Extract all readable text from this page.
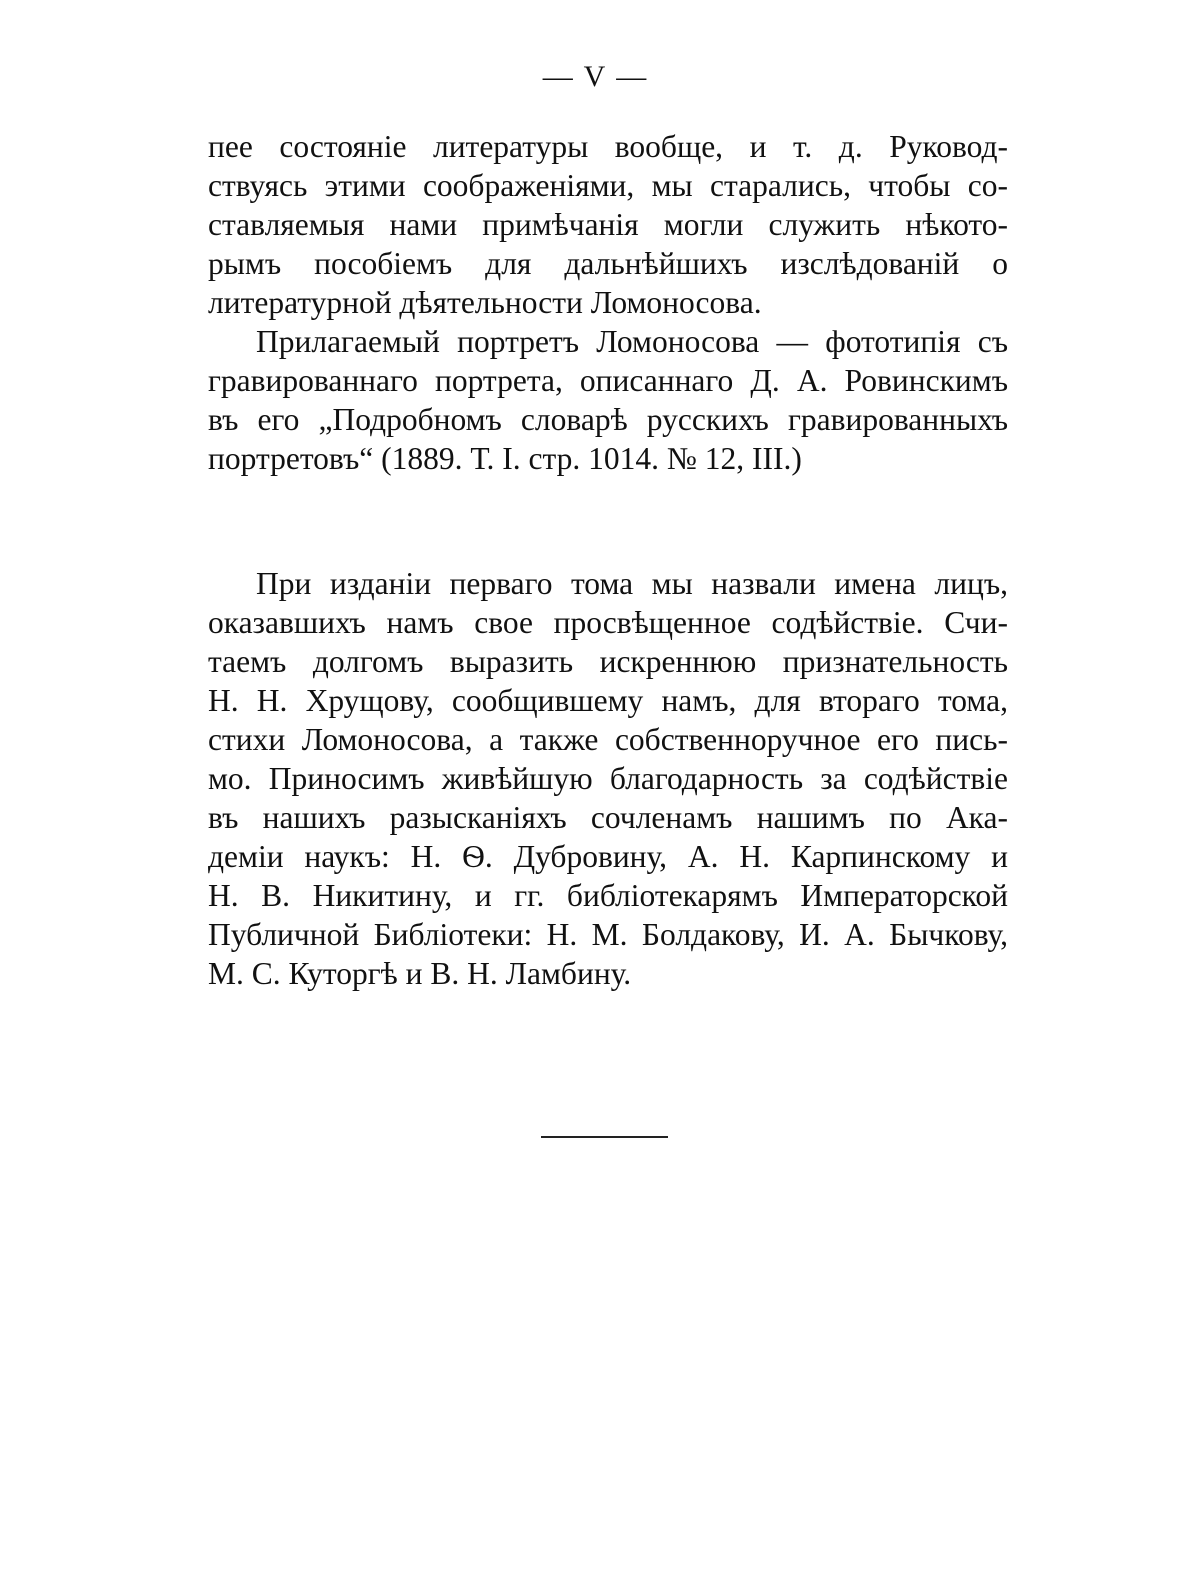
— V —
пее состояніе литературы вообще, и т. д. Руковод-
ствуясь этими соображеніями, мы старались, чтобы со-
ставляемыя нами примѣчанія могли служить нѣкото-
рымъ пособіемъ для дальнѣйшихъ изслѣдованій о
литературной дѣятельности Ломоносова.
Прилагаемый портретъ Ломоносова — фототипія съ
гравированнаго портрета, описаннаго Д. А. Ровинскимъ
въ его „Подробномъ словарѣ русскихъ гравированныхъ
портретовъ“ (1889. Т. I. стр. 1014. № 12, III.)
При изданіи перваго тома мы назвали имена лицъ,
оказавшихъ намъ свое просвѣщенное содѣйствіе. Счи-
таемъ долгомъ выразить искреннюю признательность
Н. Н. Хрущову, сообщившему намъ, для втораго тома,
стихи Ломоносова, а также собственноручное его пись-
мо. Приносимъ живѣйшую благодарность за содѣйствіе
въ нашихъ разысканіяхъ сочленамъ нашимъ по Ака-
деміи наукъ: Н. Ѳ. Дубровину, А. Н. Карпинскому и
Н. В. Никитину, и гг. библіотекарямъ Императорской
Публичной Библіотеки: Н. М. Болдакову, И. А. Бычкову,
М. С. Куторгѣ и В. Н. Ламбину.
